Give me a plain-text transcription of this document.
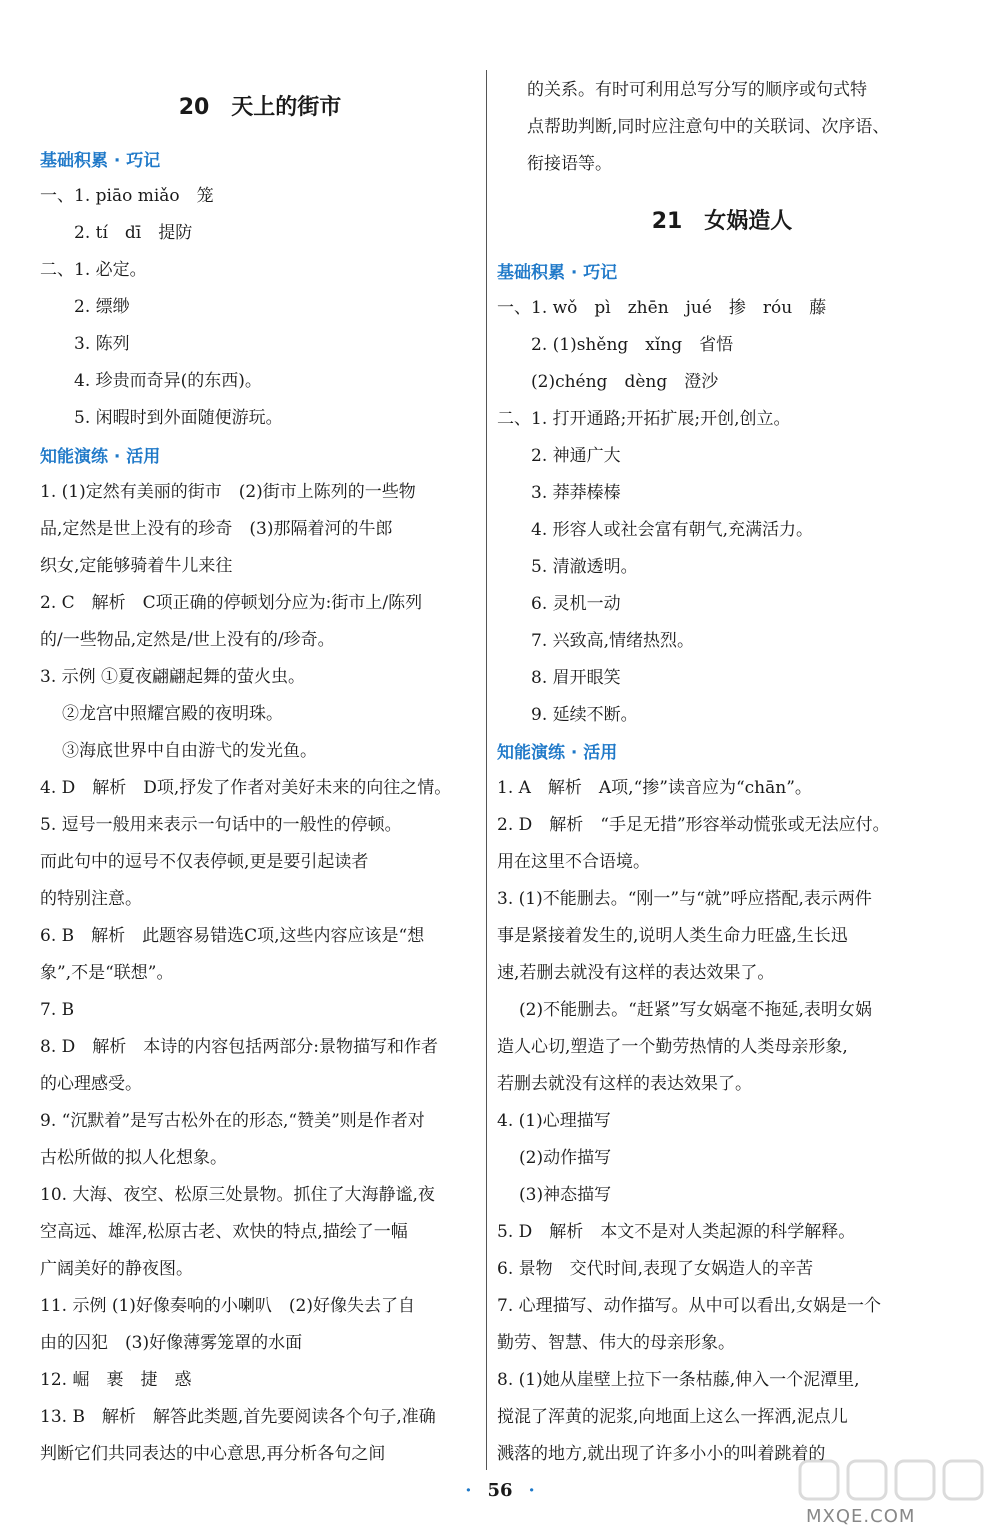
20　天上的街市

基础积累 · 巧记

一、1. piāo miǎo　笼

2. tí　dī　提防

二、1. 必定。

2. 缥缈

3. 陈列

4. 珍贵而奇异(的东西)。

5. 闲暇时到外面随便游玩。

知能演练 · 活用

1. (1)定然有美丽的街市　(2)街市上陈列的一些物

品,定然是世上没有的珍奇　(3)那隔着河的牛郎

织女,定能够骑着牛儿来往

2. C　解析　C项正确的停顿划分应为:街市上/陈列

的/一些物品,定然是/世上没有的/珍奇。

3. 示例 ①夏夜翩翩起舞的萤火虫。

②龙宫中照耀宫殿的夜明珠。

③海底世界中自由游弋的发光鱼。

4. D　解析　D项,抒发了作者对美好未来的向往之情。

5. 逗号一般用来表示一句话中的一般性的停顿。

而此句中的逗号不仅表停顿,更是要引起读者

的特别注意。

6. B　解析　此题容易错选C项,这些内容应该是“想

象”,不是“联想”。

7. B

8. D　解析　本诗的内容包括两部分:景物描写和作者

的心理感受。

9. “沉默着”是写古松外在的形态,“赞美”则是作者对

古松所做的拟人化想象。

10. 大海、夜空、松原三处景物。抓住了大海静谧,夜

空高远、雄浑,松原古老、欢快的特点,描绘了一幅

广阔美好的静夜图。

11. 示例 (1)好像奏响的小喇叭　(2)好像失去了自

由的囚犯　(3)好像薄雾笼罩的水面

12. 崛　裹　捷　惑

13. B　解析　解答此类题,首先要阅读各个句子,准确

判断它们共同表达的中心意思,再分析各句之间

的关系。有时可利用总写分写的顺序或句式特

点帮助判断,同时应注意句中的关联词、次序语、

衔接语等。

21　女娲造人

基础积累 · 巧记

一、1. wǒ　pì　zhēn　jué　掺　róu　藤

2. (1)shěng　xǐng　省悟

(2)chéng　dèng　澄沙

二、1. 打开通路;开拓扩展;开创,创立。

2. 神通广大

3. 莽莽榛榛

4. 形容人或社会富有朝气,充满活力。

5. 清澈透明。

6. 灵机一动

7. 兴致高,情绪热烈。

8. 眉开眼笑

9. 延续不断。

知能演练 · 活用

1. A　解析　A项,“掺”读音应为“chān”。

2. D　解析　“手足无措”形容举动慌张或无法应付。

用在这里不合语境。

3. (1)不能删去。“刚一”与“就”呼应搭配,表示两件

事是紧接着发生的,说明人类生命力旺盛,生长迅

速,若删去就没有这样的表达效果了。

(2)不能删去。“赶紧”写女娲毫不拖延,表明女娲

造人心切,塑造了一个勤劳热情的人类母亲形象,

若删去就没有这样的表达效果了。

4. (1)心理描写

(2)动作描写

(3)神态描写

5. D　解析　本文不是对人类起源的科学解释。

6. 景物　交代时间,表现了女娲造人的辛苦

7. 心理描写、动作描写。从中可以看出,女娲是一个

勤劳、智慧、伟大的母亲形象。

8. (1)她从崖壁上拉下一条枯藤,伸入一个泥潭里,

搅混了浑黄的泥浆,向地面上这么一挥洒,泥点儿

溅落的地方,就出现了许多小小的叫着跳着的

· 56 ·
MXQE.COM
